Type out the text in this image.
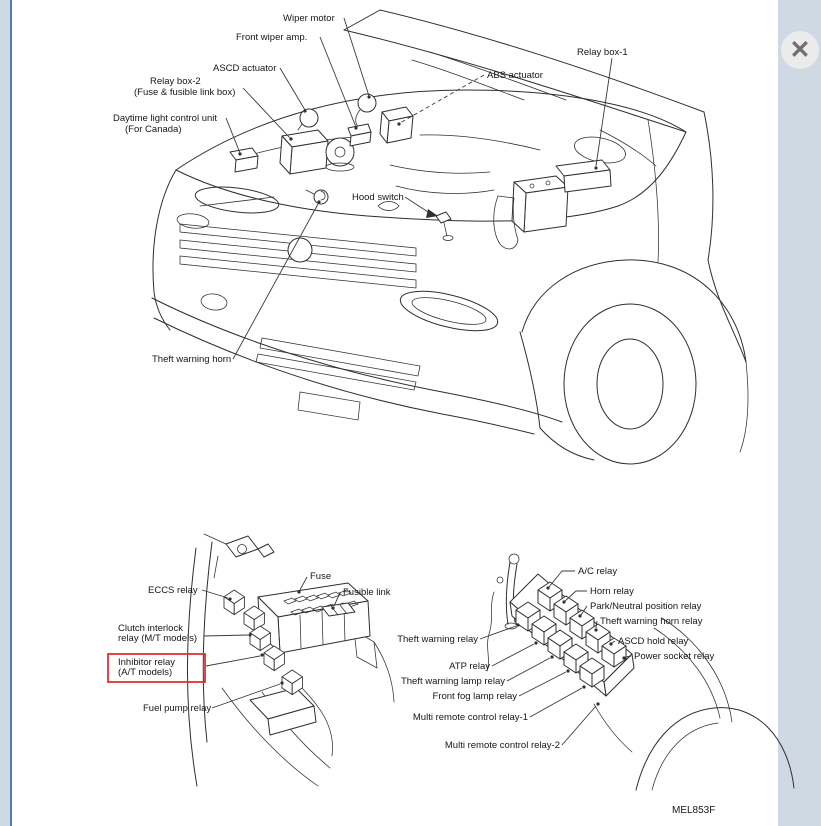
Wiper motor
Front wiper amp.
ASCD actuator
Relay box-2
(Fuse & fusible link box)
Daytime light control unit
(For Canada)
ABS actuator
Relay box-1
Hood switch
Theft warning horn
Fuse
ECCS relay	Fusible link
Clutch interlock
relay (M/T models)
Inhibitor relay
(A/T models)
Fuel pump relay
A/C relay
Horn relay
Park/Neutral position relay
Theft warning horn relay
ASCD hold relay
Power socket relay
Theft warning relay
ATP relay
Theft warning lamp relay
Front fog lamp relay
Multi remote control relay-1
Multi remote control relay-2
MEL853F
✕
